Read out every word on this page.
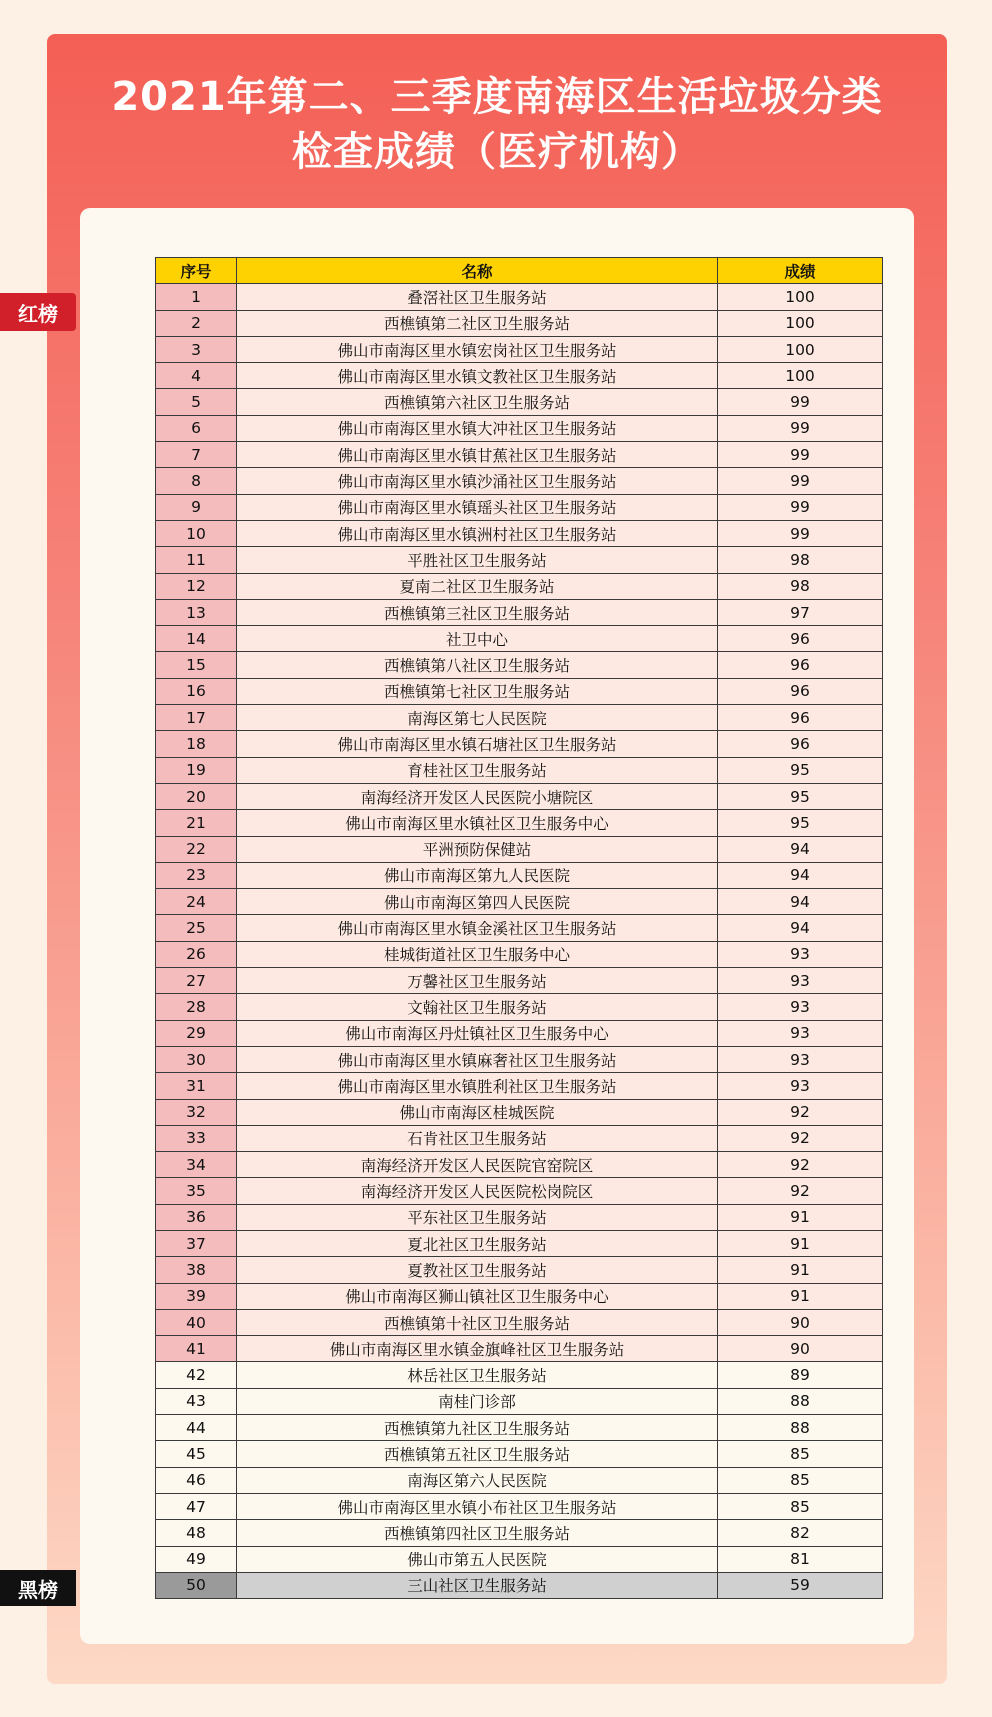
2021年第二、三季度南海区生活垃圾分类
检查成绩（医疗机构）
红榜
黑榜
序号	名称	成绩
1	叠滘社区卫生服务站	100
2	西樵镇第二社区卫生服务站	100
3	佛山市南海区里水镇宏岗社区卫生服务站	100
4	佛山市南海区里水镇文教社区卫生服务站	100
5	西樵镇第六社区卫生服务站	99
6	佛山市南海区里水镇大冲社区卫生服务站	99
7	佛山市南海区里水镇甘蕉社区卫生服务站	99
8	佛山市南海区里水镇沙涌社区卫生服务站	99
9	佛山市南海区里水镇瑶头社区卫生服务站	99
10	佛山市南海区里水镇洲村社区卫生服务站	99
11	平胜社区卫生服务站	98
12	夏南二社区卫生服务站	98
13	西樵镇第三社区卫生服务站	97
14	社卫中心	96
15	西樵镇第八社区卫生服务站	96
16	西樵镇第七社区卫生服务站	96
17	南海区第七人民医院	96
18	佛山市南海区里水镇石塘社区卫生服务站	96
19	育桂社区卫生服务站	95
20	南海经济开发区人民医院小塘院区	95
21	佛山市南海区里水镇社区卫生服务中心	95
22	平洲预防保健站	94
23	佛山市南海区第九人民医院	94
24	佛山市南海区第四人民医院	94
25	佛山市南海区里水镇金溪社区卫生服务站	94
26	桂城街道社区卫生服务中心	93
27	万馨社区卫生服务站	93
28	文翰社区卫生服务站	93
29	佛山市南海区丹灶镇社区卫生服务中心	93
30	佛山市南海区里水镇麻奢社区卫生服务站	93
31	佛山市南海区里水镇胜利社区卫生服务站	93
32	佛山市南海区桂城医院	92
33	石肯社区卫生服务站	92
34	南海经济开发区人民医院官窑院区	92
35	南海经济开发区人民医院松岗院区	92
36	平东社区卫生服务站	91
37	夏北社区卫生服务站	91
38	夏教社区卫生服务站	91
39	佛山市南海区狮山镇社区卫生服务中心	91
40	西樵镇第十社区卫生服务站	90
41	佛山市南海区里水镇金旗峰社区卫生服务站	90
42	林岳社区卫生服务站	89
43	南桂门诊部	88
44	西樵镇第九社区卫生服务站	88
45	西樵镇第五社区卫生服务站	85
46	南海区第六人民医院	85
47	佛山市南海区里水镇小布社区卫生服务站	85
48	西樵镇第四社区卫生服务站	82
49	佛山市第五人民医院	81
50	三山社区卫生服务站	59
